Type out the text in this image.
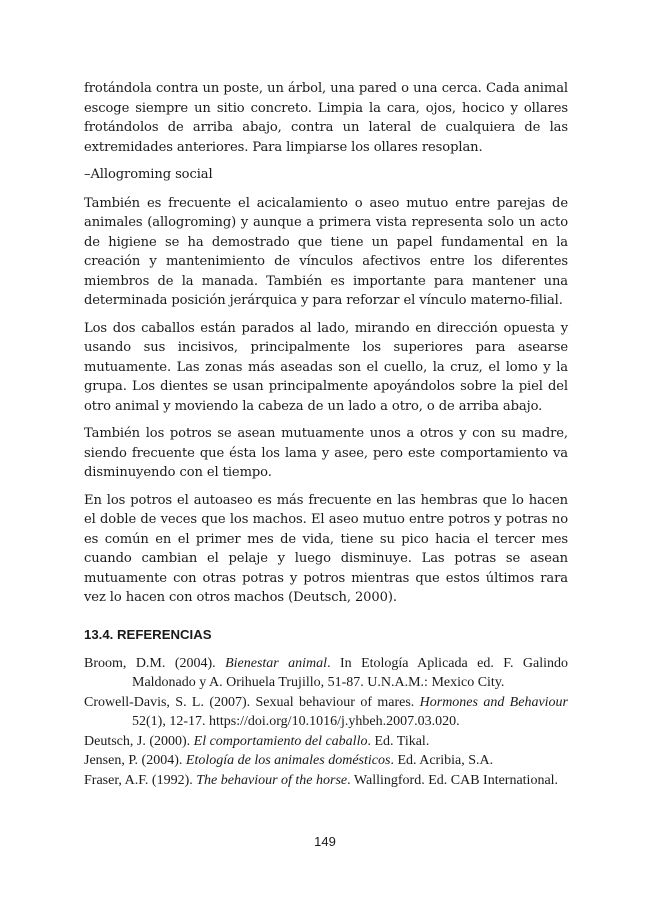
frotándola contra un poste, un árbol, una pared o una cerca. Cada animal escoge siempre un sitio concreto. Limpia la cara, ojos, hocico y ollares frotándolos de arriba abajo, contra un lateral de cualquiera de las extremidades anteriores. Para limpiarse los ollares resoplan.

–Allogroming social

También es frecuente el acicalamiento o aseo mutuo entre parejas de animales (allogroming) y aunque a primera vista representa solo un acto de higiene se ha demostrado que tiene un papel fundamental en la creación y mantenimiento de vínculos afectivos entre los diferentes miembros de la manada. También es importante para mantener una determinada posición jerárquica y para reforzar el vínculo materno-filial.

Los dos caballos están parados al lado, mirando en dirección opuesta y usando sus incisivos, principalmente los superiores para asearse mutuamente. Las zonas más aseadas son el cuello, la cruz, el lomo y la grupa. Los dientes se usan principalmente apoyándolos sobre la piel del otro animal y moviendo la cabeza de un lado a otro, o de arriba abajo.

También los potros se asean mutuamente unos a otros y con su madre, siendo frecuente que ésta los lama y asee, pero este comportamiento va disminuyendo con el tiempo.

En los potros el autoaseo es más frecuente en las hembras que lo hacen el doble de veces que los machos. El aseo mutuo entre potros y potras no es común en el primer mes de vida, tiene su pico hacia el tercer mes cuando cambian el pelaje y luego disminuye. Las potras se asean mutuamente con otras potras y potros mientras que estos últimos rara vez lo hacen con otros machos (Deutsch, 2000).

13.4. REFERENCIAS

Broom, D.M. (2004). Bienestar animal. In Etología Aplicada ed. F. Galindo Maldonado y A. Orihuela Trujillo, 51-87. U.N.A.M.: Mexico City.

Crowell-Davis, S. L. (2007). Sexual behaviour of mares. Hormones and Behaviour 52(1), 12-17. https://doi.org/10.1016/j.yhbeh.2007.03.020.

Deutsch, J. (2000). El comportamiento del caballo. Ed. Tikal.

Jensen, P. (2004). Etología de los animales domésticos. Ed. Acribia, S.A.

Fraser, A.F. (1992). The behaviour of the horse. Wallingford. Ed. CAB International.

149
